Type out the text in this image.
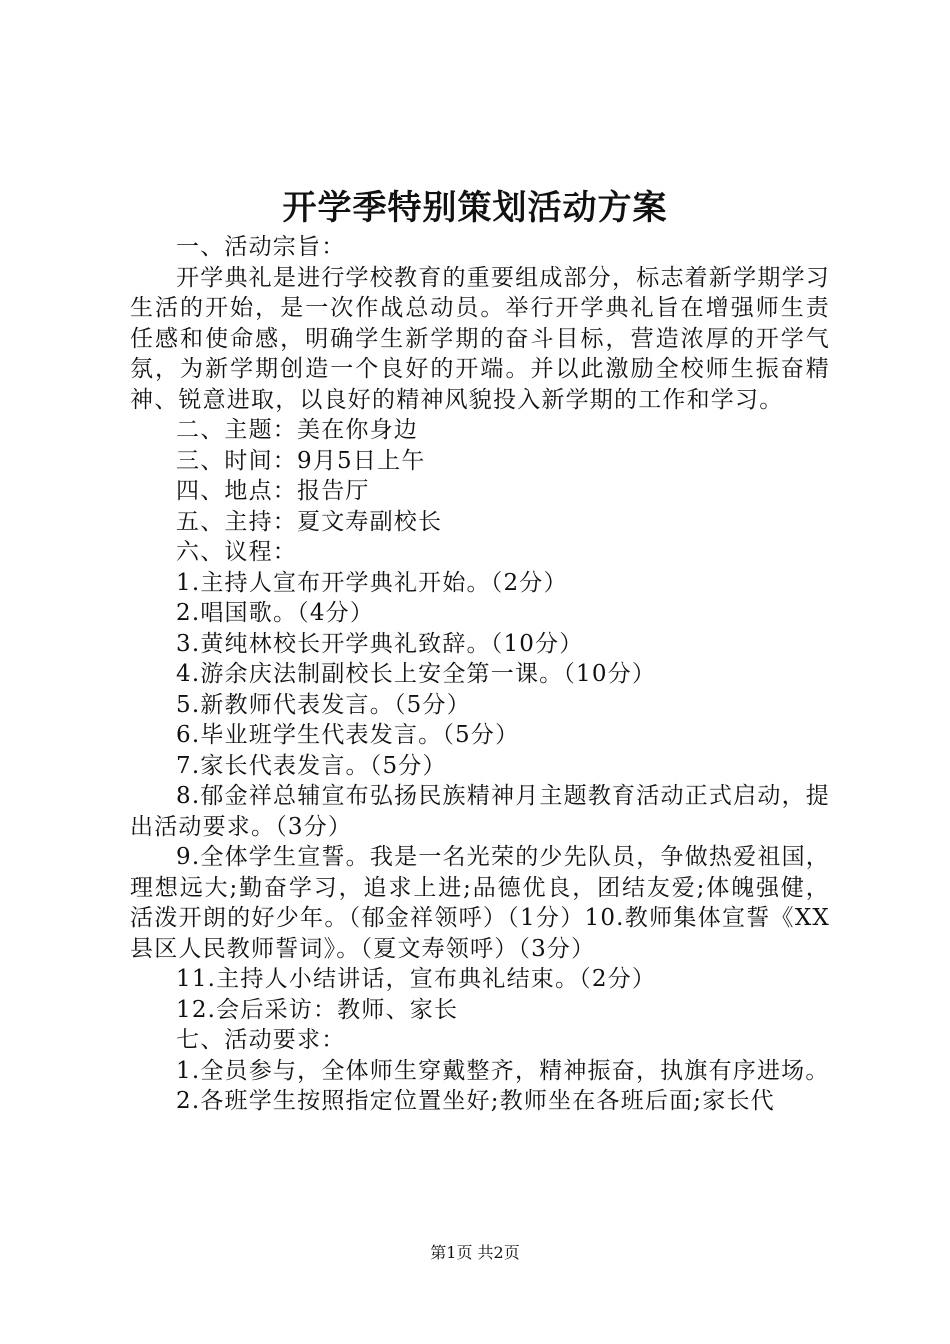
开学季特别策划活动方案

一、活动宗旨：

开学典礼是进行学校教育的重要组成部分，标志着新学期学习生活的开始，是一次作战总动员。举行开学典礼旨在增强师生责任感和使命感，明确学生新学期的奋斗目标，营造浓厚的开学气氛，为新学期创造一个良好的开端。并以此激励全校师生振奋精神、锐意进取，以良好的精神风貌投入新学期的工作和学习。

二、主题：美在你身边

三、时间：9月5日上午

四、地点：报告厅

五、主持：夏文寿副校长

六、议程：

1.主持人宣布开学典礼开始。（2分）

2.唱国歌。（4分）

3.黄纯林校长开学典礼致辞。（10分）

4.游余庆法制副校长上安全第一课。（10分）

5.新教师代表发言。（5分）

6.毕业班学生代表发言。（5分）

7.家长代表发言。（5分）

8.郁金祥总辅宣布弘扬民族精神月主题教育活动正式启动，提出活动要求。（3分）

9.全体学生宣誓。我是一名光荣的少先队员，争做热爱祖国，理想远大;勤奋学习，追求上进;品德优良，团结友爱;体魄强健，活泼开朗的好少年。（郁金祥领呼）（1分）10.教师集体宣誓《XX县区人民教师誓词》。（夏文寿领呼）（3分）

11.主持人小结讲话，宣布典礼结束。（2分）

12.会后采访：教师、家长

七、活动要求：

1.全员参与，全体师生穿戴整齐，精神振奋，执旗有序进场。

2.各班学生按照指定位置坐好;教师坐在各班后面;家长代

第1页 共2页
